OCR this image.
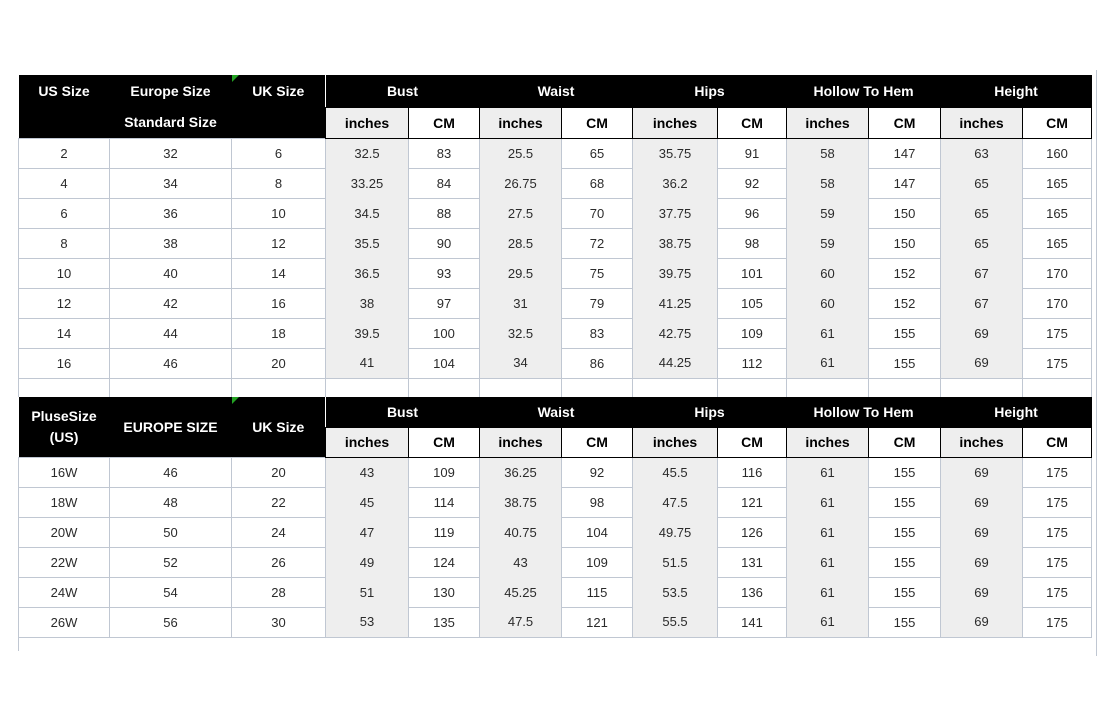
US Size	Europe Size	UK Size	Bust		Waist		Hips		Hollow To Hem		Height	
	Standard Size		inches	CM	inches	CM	inches	CM	inches	CM	inches	CM
2	32	6	32.5	83	25.5	65	35.75	91	58	147	63	160
4	34	8	33.25	84	26.75	68	36.2	92	58	147	65	165
6	36	10	34.5	88	27.5	70	37.75	96	59	150	65	165
8	38	12	35.5	90	28.5	72	38.75	98	59	150	65	165
10	40	14	36.5	93	29.5	75	39.75	101	60	152	67	170
12	42	16	38	97	31	79	41.25	105	60	152	67	170
14	44	18	39.5	100	32.5	83	42.75	109	61	155	69	175
16	46	20	41	104	34	86	44.25	112	61	155	69	175

PluseSize
(US)	EUROPE SIZE	UK Size	Bust		Waist		Hips		Hollow To Hem		Height	
			inches	CM	inches	CM	inches	CM	inches	CM	inches	CM
16W	46	20	43	109	36.25	92	45.5	116	61	155	69	175
18W	48	22	45	114	38.75	98	47.5	121	61	155	69	175
20W	50	24	47	119	40.75	104	49.75	126	61	155	69	175
22W	52	26	49	124	43	109	51.5	131	61	155	69	175
24W	54	28	51	130	45.25	115	53.5	136	61	155	69	175
26W	56	30	53	135	47.5	121	55.5	141	61	155	69	175
